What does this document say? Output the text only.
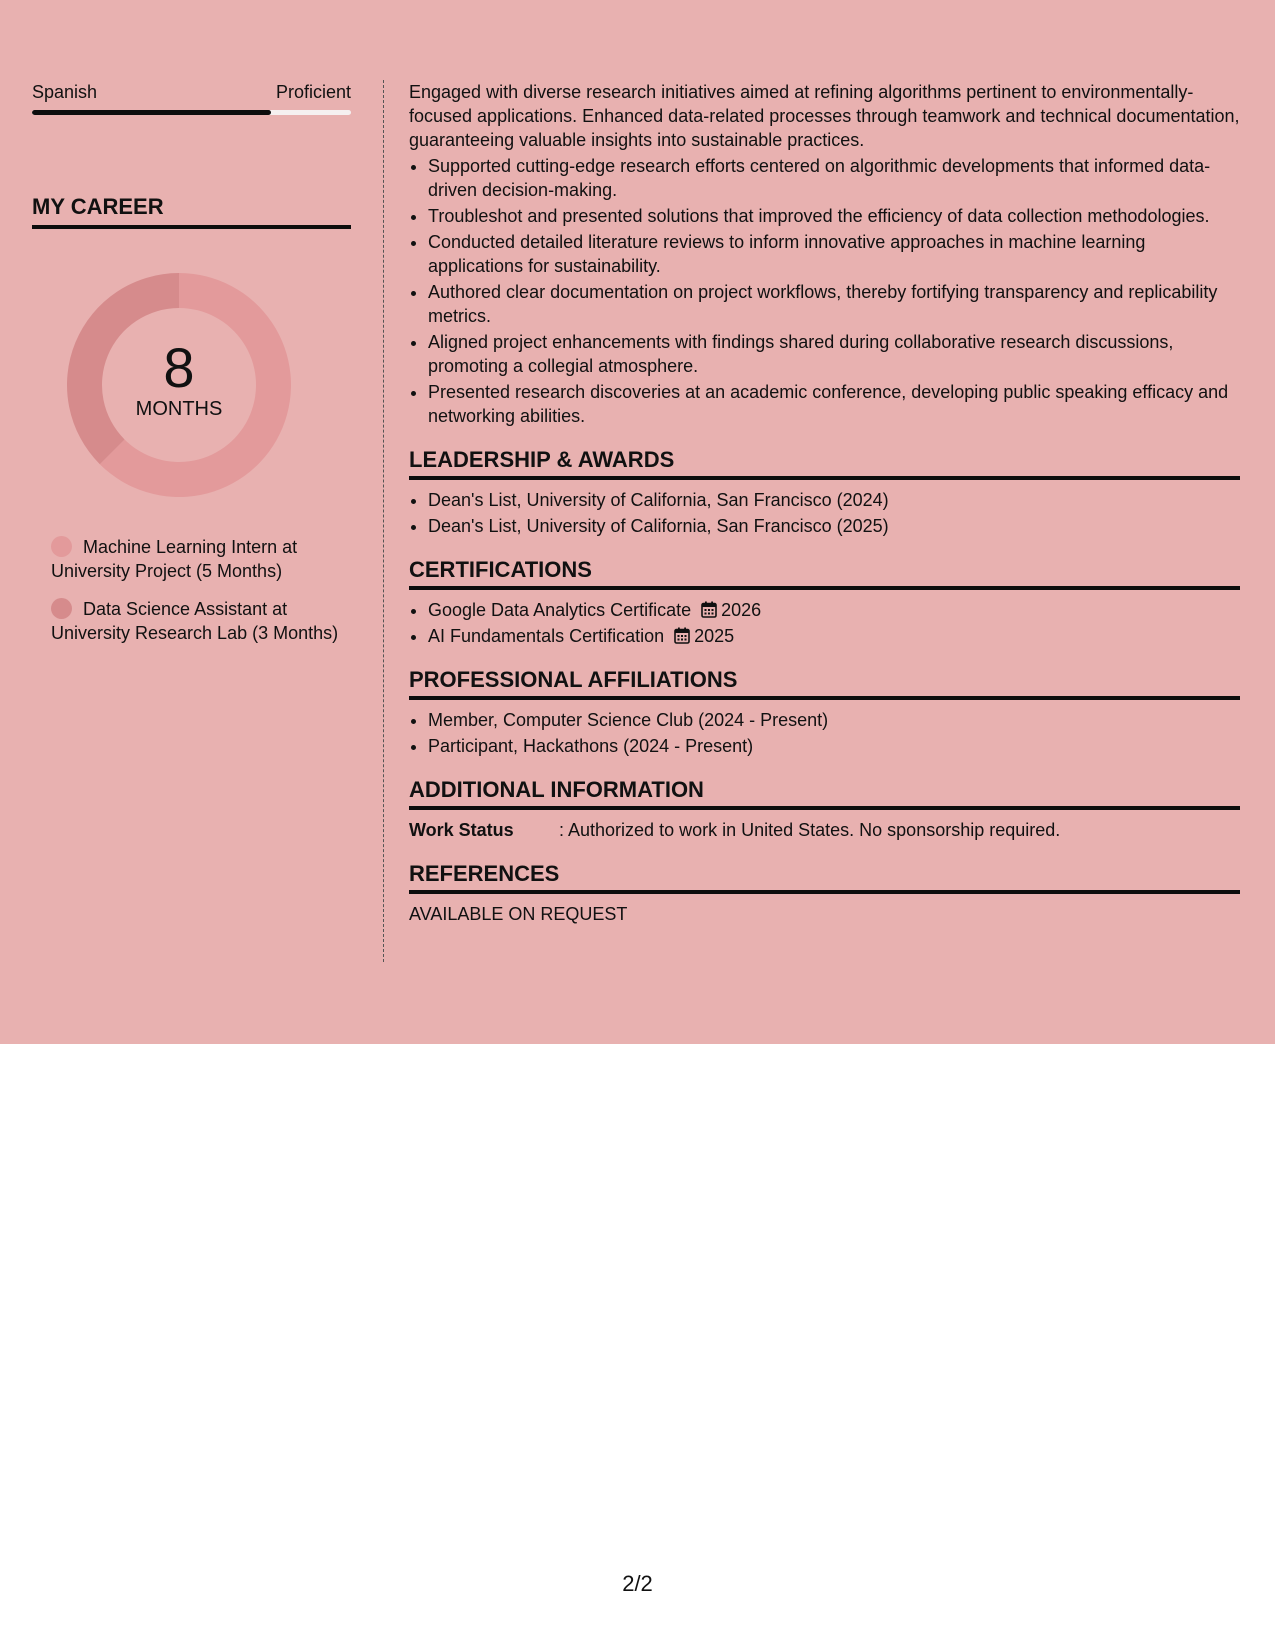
Spanish	Proficient
MY CAREER
8
MONTHS
Machine Learning Intern at University Project (5 Months)
Data Science Assistant at University Research Lab (3 Months)

Engaged with diverse research initiatives aimed at refining algorithms pertinent to environmentally-focused applications. Enhanced data-related processes through teamwork and technical documentation, guaranteeing valuable insights into sustainable practices.

• Supported cutting-edge research efforts centered on algorithmic developments that informed data-driven decision-making.
• Troubleshot and presented solutions that improved the efficiency of data collection methodologies.
• Conducted detailed literature reviews to inform innovative approaches in machine learning applications for sustainability.
• Authored clear documentation on project workflows, thereby fortifying transparency and replicability metrics.
• Aligned project enhancements with findings shared during collaborative research discussions, promoting a collegial atmosphere.
• Presented research discoveries at an academic conference, developing public speaking efficacy and networking abilities.
LEADERSHIP & AWARDS
• Dean's List, University of California, San Francisco (2024)
• Dean's List, University of California, San Francisco (2025)
CERTIFICATIONS
• Google Data Analytics Certificate 2026
• AI Fundamentals Certification 2025
PROFESSIONAL AFFILIATIONS
• Member, Computer Science Club (2024 - Present)
• Participant, Hackathons (2024 - Present)
ADDITIONAL INFORMATION
Work Status	: Authorized to work in United States. No sponsorship required.
REFERENCES
AVAILABLE ON REQUEST
2/2
